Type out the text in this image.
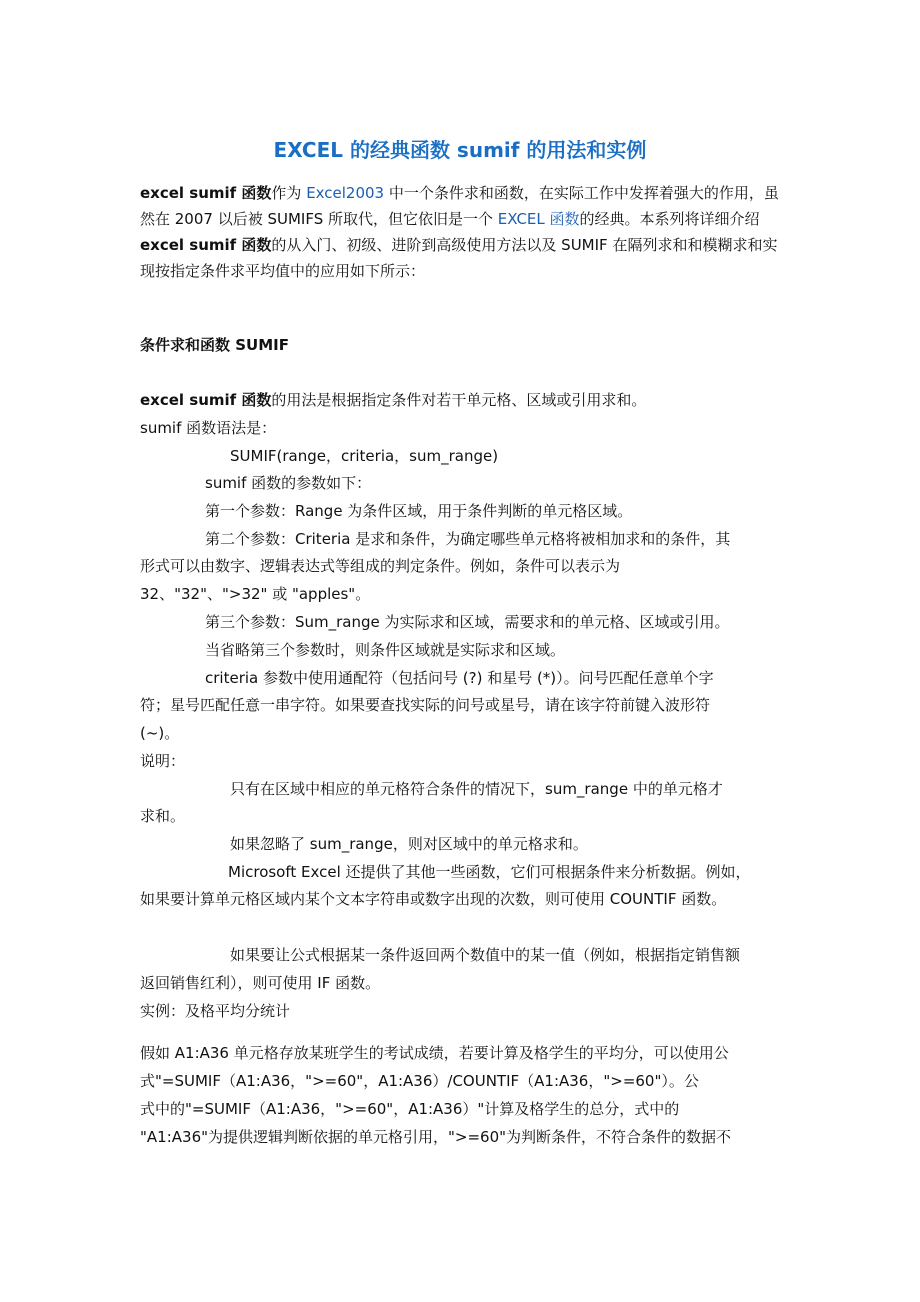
EXCEL 的经典函数 sumif 的用法和实例

excel sumif 函数作为 Excel2003 中一个条件求和函数，在实际工作中发挥着强大的作用，虽然在 2007 以后被 SUMIFS 所取代，但它依旧是一个 EXCEL 函数的经典。本系列将详细介绍 excel sumif 函数的从入门、初级、进阶到高级使用方法以及 SUMIF 在隔列求和和模糊求和实现按指定条件求平均值中的应用如下所示：

条件求和函数 SUMIF
excel sumif 函数的用法是根据指定条件对若干单元格、区域或引用求和。
sumif 函数语法是：
SUMIF(range，criteria，sum_range)
sumif 函数的参数如下：
第一个参数：Range 为条件区域，用于条件判断的单元格区域。
第二个参数：Criteria 是求和条件，为确定哪些单元格将被相加求和的条件，其
形式可以由数字、逻辑表达式等组成的判定条件。例如，条件可以表示为
32、"32"、">32" 或 "apples"。
第三个参数：Sum_range 为实际求和区域，需要求和的单元格、区域或引用。
当省略第三个参数时，则条件区域就是实际求和区域。
criteria 参数中使用通配符（包括问号 (?) 和星号 (*)）。问号匹配任意单个字
符；星号匹配任意一串字符。如果要查找实际的问号或星号，请在该字符前键入波形符
(~)。
说明：
只有在区域中相应的单元格符合条件的情况下，sum_range 中的单元格才
求和。
如果忽略了 sum_range，则对区域中的单元格求和。
Microsoft Excel 还提供了其他一些函数，它们可根据条件来分析数据。例如，
如果要计算单元格区域内某个文本字符串或数字出现的次数，则可使用 COUNTIF 函数。
如果要让公式根据某一条件返回两个数值中的某一值（例如，根据指定销售额
返回销售红利），则可使用 IF 函数。
实例：及格平均分统计
假如 A1:A36 单元格存放某班学生的考试成绩，若要计算及格学生的平均分，可以使用公
式"=SUMIF（A1:A36，">=60"，A1:A36）/COUNTIF（A1:A36，">=60"）。公
式中的"=SUMIF（A1:A36，">=60"，A1:A36）"计算及格学生的总分，式中的
"A1:A36"为提供逻辑判断依据的单元格引用，">=60"为判断条件，不符合条件的数据不
